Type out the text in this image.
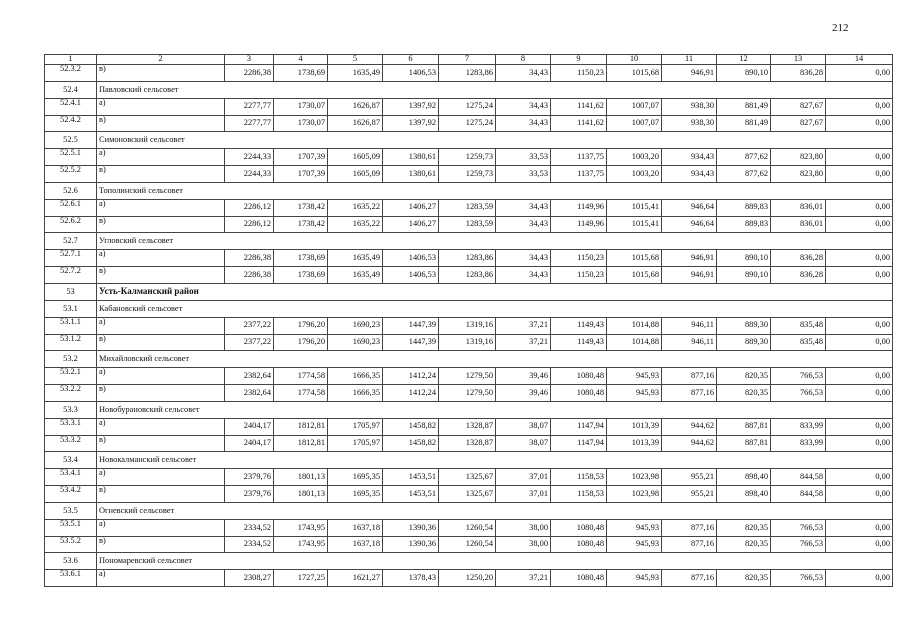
212
1	2	3	4	5	6	7	8	9	10	11	12	13	14
52.3.2	в)	2286,38	1738,69	1635,49	1406,53	1283,86	34,43	1150,23	1015,68	946,91	890,10	836,28	0,00
52.4	Павловский сельсовет												
52.4.1	а)	2277,77	1730,07	1626,87	1397,92	1275,24	34,43	1141,62	1007,07	938,30	881,49	827,67	0,00
52.4.2	в)	2277,77	1730,07	1626,87	1397,92	1275,24	34,43	1141,62	1007,07	938,30	881,49	827,67	0,00
52.5	Симоновский сельсовет												
52.5.1	а)	2244,33	1707,39	1605,09	1380,61	1259,73	33,53	1137,75	1003,20	934,43	877,62	823,80	0,00
52.5.2	в)	2244,33	1707,39	1605,09	1380,61	1259,73	33,53	1137,75	1003,20	934,43	877,62	823,80	0,00
52.6	Тополинский сельсовет												
52.6.1	а)	2286,12	1738,42	1635,22	1406,27	1283,59	34,43	1149,96	1015,41	946,64	889,83	836,01	0,00
52.6.2	в)	2286,12	1738,42	1635,22	1406,27	1283,59	34,43	1149,96	1015,41	946,64	889,83	836,01	0,00
52.7	Угловский сельсовет												
52.7.1	а)	2286,38	1738,69	1635,49	1406,53	1283,86	34,43	1150,23	1015,68	946,91	890,10	836,28	0,00
52.7.2	в)	2286,38	1738,69	1635,49	1406,53	1283,86	34,43	1150,23	1015,68	946,91	890,10	836,28	0,00
53	Усть-Калманский район												
53.1	Кабановский сельсовет												
53.1.1	а)	2377,22	1796,20	1690,23	1447,39	1319,16	37,21	1149,43	1014,88	946,11	889,30	835,48	0,00
53.1.2	в)	2377,22	1796,20	1690,23	1447,39	1319,16	37,21	1149,43	1014,88	946,11	889,30	835,48	0,00
53.2	Михайловский сельсовет												
53.2.1	а)	2382,64	1774,58	1666,35	1412,24	1279,50	39,46	1080,48	945,93	877,16	820,35	766,53	0,00
53.2.2	в)	2382,64	1774,58	1666,35	1412,24	1279,50	39,46	1080,48	945,93	877,16	820,35	766,53	0,00
53.3	Новобурановский сельсовет												
53.3.1	а)	2404,17	1812,81	1705,97	1458,82	1328,87	38,07	1147,94	1013,39	944,62	887,81	833,99	0,00
53.3.2	в)	2404,17	1812,81	1705,97	1458,82	1328,87	38,07	1147,94	1013,39	944,62	887,81	833,99	0,00
53.4	Новокалманский сельсовет												
53.4.1	а)	2379,76	1801,13	1695,35	1453,51	1325,67	37,01	1158,53	1023,98	955,21	898,40	844,58	0,00
53.4.2	в)	2379,76	1801,13	1695,35	1453,51	1325,67	37,01	1158,53	1023,98	955,21	898,40	844,58	0,00
53.5	Огневский сельсовет												
53.5.1	а)	2334,52	1743,95	1637,18	1390,36	1260,54	38,00	1080,48	945,93	877,16	820,35	766,53	0,00
53.5.2	в)	2334,52	1743,95	1637,18	1390,36	1260,54	38,00	1080,48	945,93	877,16	820,35	766,53	0,00
53.6	Пономаревский сельсовет												
53.6.1	а)	2308,27	1727,25	1621,27	1378,43	1250,20	37,21	1080,48	945,93	877,16	820,35	766,53	0,00
